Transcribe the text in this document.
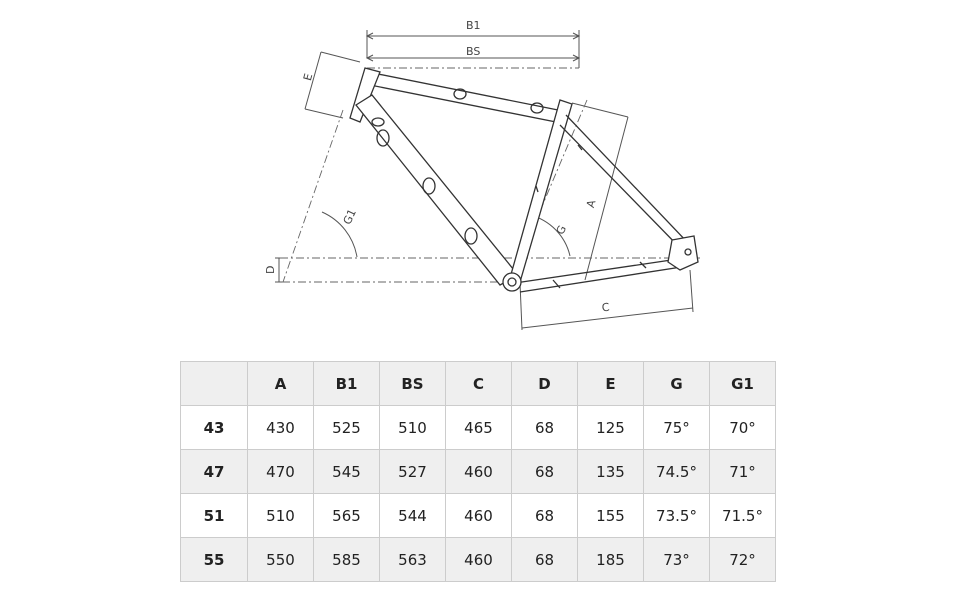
B1
BS
E
A
G
G1
C
D
	A	B1	BS	C	D	E	G	G1
43	430	525	510	465	68	125	75°	70°
47	470	545	527	460	68	135	74.5°	71°
51	510	565	544	460	68	155	73.5°	71.5°
55	550	585	563	460	68	185	73°	72°
